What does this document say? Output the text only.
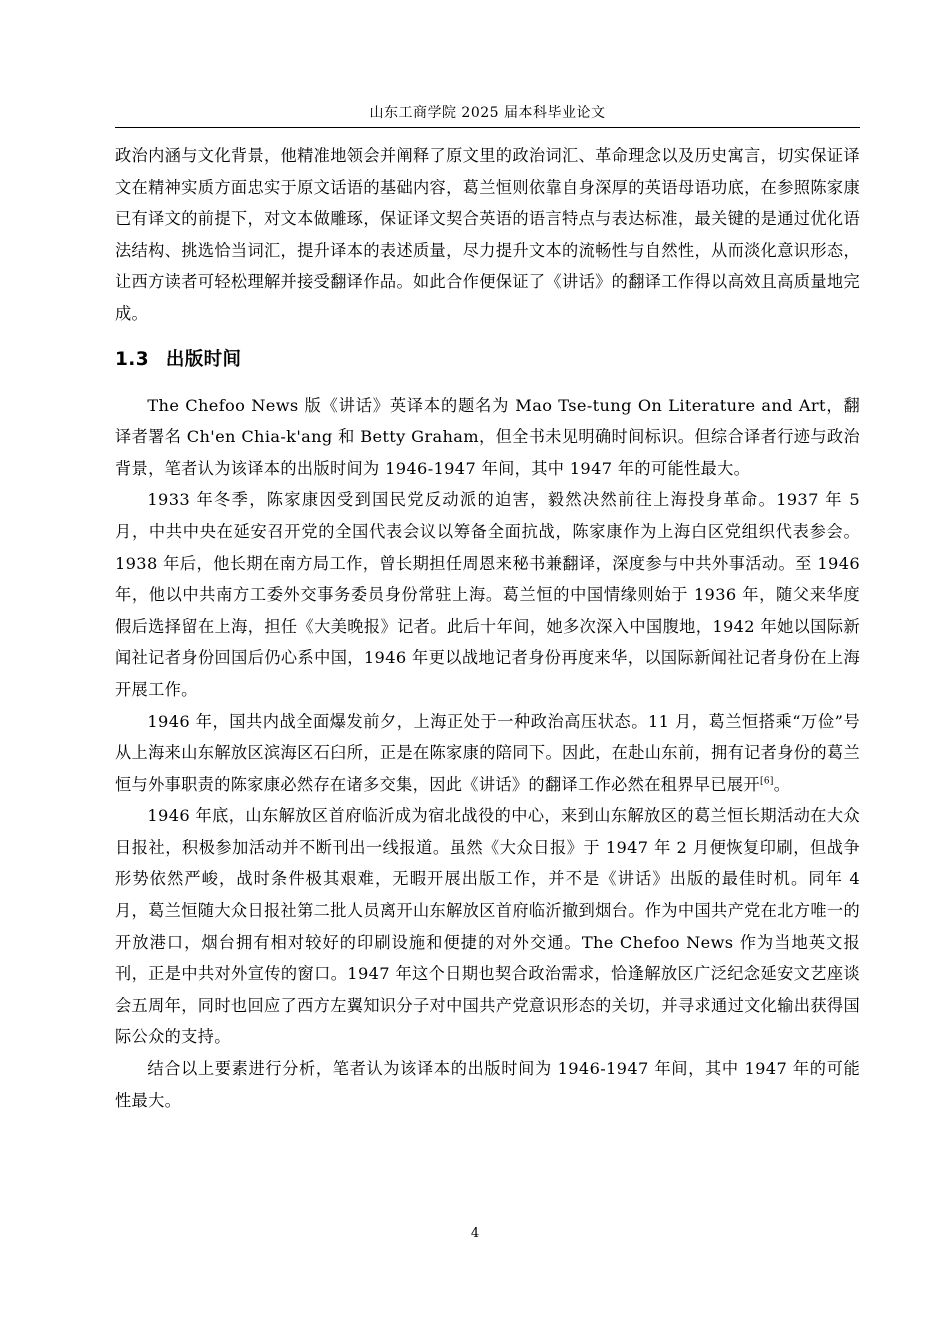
山东工商学院 2025 届本科毕业论文

政治内涵与文化背景，他精准地领会并阐释了原文里的政治词汇、革命理念以及历史寓言，切实保证译文在精神实质方面忠实于原文话语的基础内容，葛兰恒则依靠自身深厚的英语母语功底，在参照陈家康已有译文的前提下，对文本做雕琢，保证译文契合英语的语言特点与表达标准，最关键的是通过优化语法结构、挑选恰当词汇，提升译本的表述质量，尽力提升文本的流畅性与自然性，从而淡化意识形态，让西方读者可轻松理解并接受翻译作品。如此合作便保证了《讲话》的翻译工作得以高效且高质量地完成。

1.3 出版时间

The Chefoo News 版《讲话》英译本的题名为 Mao Tse-tung On Literature and Art，翻译者署名 Ch'en Chia-k'ang 和 Betty Graham，但全书未见明确时间标识。但综合译者行迹与政治背景，笔者认为该译本的出版时间为 1946-1947 年间，其中 1947 年的可能性最大。

1933 年冬季，陈家康因受到国民党反动派的迫害，毅然决然前往上海投身革命。1937 年 5 月，中共中央在延安召开党的全国代表会议以筹备全面抗战，陈家康作为上海白区党组织代表参会。1938 年后，他长期在南方局工作，曾长期担任周恩来秘书兼翻译，深度参与中共外事活动。至 1946 年，他以中共南方工委外交事务委员身份常驻上海。葛兰恒的中国情缘则始于 1936 年，随父来华度假后选择留在上海，担任《大美晚报》记者。此后十年间，她多次深入中国腹地，1942 年她以国际新闻社记者身份回国后仍心系中国，1946 年更以战地记者身份再度来华，以国际新闻社记者身份在上海开展工作。

1946 年，国共内战全面爆发前夕，上海正处于一种政治高压状态。11 月，葛兰恒搭乘“万俭”号从上海来山东解放区滨海区石臼所，正是在陈家康的陪同下。因此，在赴山东前，拥有记者身份的葛兰恒与外事职责的陈家康必然存在诸多交集，因此《讲话》的翻译工作必然在租界早已展开[6]。

1946 年底，山东解放区首府临沂成为宿北战役的中心，来到山东解放区的葛兰恒长期活动在大众日报社，积极参加活动并不断刊出一线报道。虽然《大众日报》于 1947 年 2 月便恢复印刷，但战争形势依然严峻，战时条件极其艰难，无暇开展出版工作，并不是《讲话》出版的最佳时机。同年 4 月，葛兰恒随大众日报社第二批人员离开山东解放区首府临沂撤到烟台。作为中国共产党在北方唯一的开放港口，烟台拥有相对较好的印刷设施和便捷的对外交通。The Chefoo News 作为当地英文报刊，正是中共对外宣传的窗口。1947 年这个日期也契合政治需求，恰逢解放区广泛纪念延安文艺座谈会五周年，同时也回应了西方左翼知识分子对中国共产党意识形态的关切，并寻求通过文化输出获得国际公众的支持。

结合以上要素进行分析，笔者认为该译本的出版时间为 1946-1947 年间，其中 1947 年的可能性最大。

4
